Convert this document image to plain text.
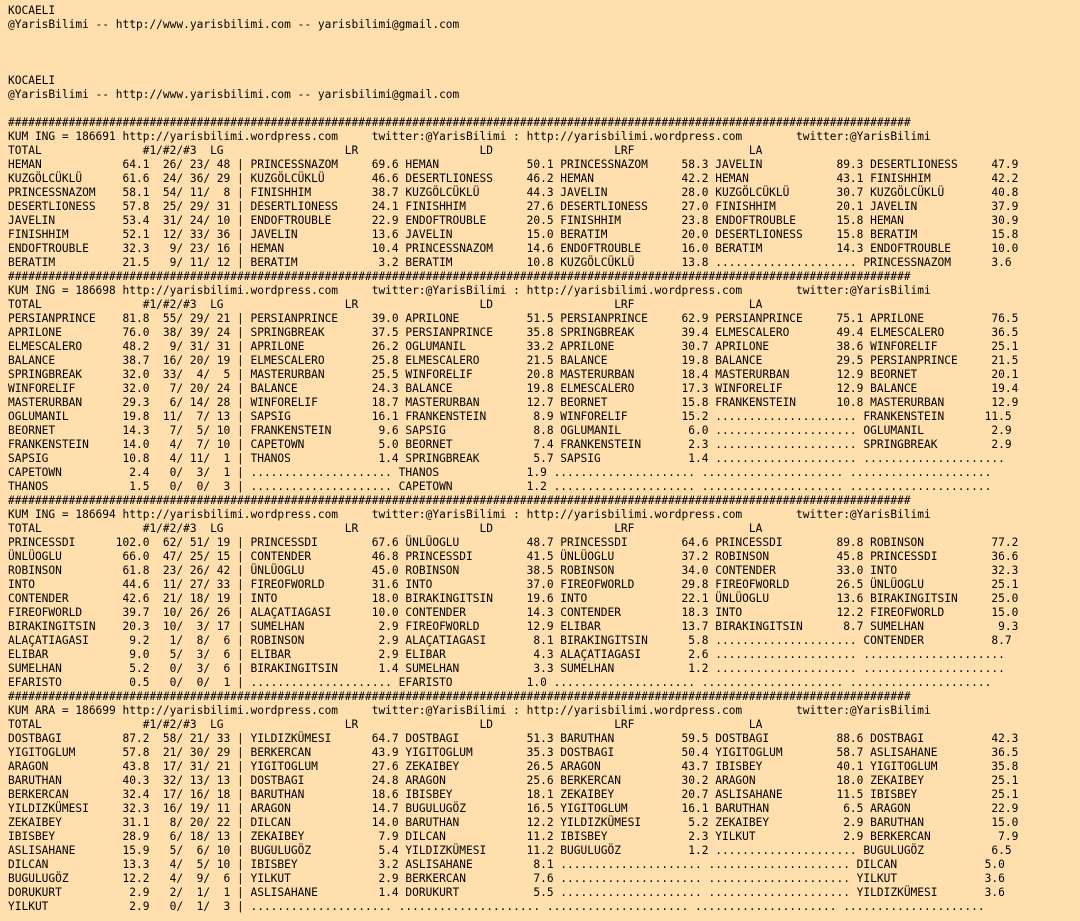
KOCAELI
@YarisBilimi -- http://www.yarisbilimi.com -- yarisbilimi@gmail.com

KOCAELI
@YarisBilimi -- http://www.yarisbilimi.com -- yarisbilimi@gmail.com

######################################################################################################################################
KUM ING = 186691 http://yarisbilimi.wordpress.com     twitter:@YarisBilimi : http://yarisbilimi.wordpress.com        twitter:@YarisBilimi
TOTAL               #1/#2/#3  LG                  LR                  LD                  LRF                 LA
HEMAN            64.1  26/ 23/ 48 | PRINCESSNAZOM     69.6 HEMAN             50.1 PRINCESSNAZOM     58.3 JAVELIN           89.3 DESERTLIONESS     47.9
KUZGÖLCÜKLÜ      61.6  24/ 36/ 29 | KUZGÖLCÜKLÜ       46.6 DESERTLIONESS     46.2 HEMAN             42.2 HEMAN             43.1 FINISHHIM         42.2
PRINCESSNAZOM    58.1  54/ 11/  8 | FINISHHIM         38.7 KUZGÖLCÜKLÜ       44.3 JAVELIN           28.0 KUZGÖLCÜKLÜ       30.7 KUZGÖLCÜKLÜ       40.8
DESERTLIONESS    57.8  25/ 29/ 31 | DESERTLIONESS     24.1 FINISHHIM         27.6 DESERTLIONESS     27.0 FINISHHIM         20.1 JAVELIN           37.9
JAVELIN          53.4  31/ 24/ 10 | ENDOFTROUBLE      22.9 ENDOFTROUBLE      20.5 FINISHHIM         23.8 ENDOFTROUBLE      15.8 HEMAN             30.9
FINISHHIM        52.1  12/ 33/ 36 | JAVELIN           13.6 JAVELIN           15.0 BERATIM           20.0 DESERTLIONESS     15.8 BERATIM           15.8
ENDOFTROUBLE     32.3   9/ 23/ 16 | HEMAN             10.4 PRINCESSNAZOM     14.6 ENDOFTROUBLE      16.0 BERATIM           14.3 ENDOFTROUBLE      10.0
BERATIM          21.5   9/ 11/ 12 | BERATIM            3.2 BERATIM           10.8 KUZGÖLCÜKLÜ       13.8 ..................... PRINCESSNAZOM      3.6
######################################################################################################################################
KUM ING = 186698 http://yarisbilimi.wordpress.com     twitter:@YarisBilimi : http://yarisbilimi.wordpress.com        twitter:@YarisBilimi
TOTAL               #1/#2/#3  LG                  LR                  LD                  LRF                 LA
PERSIANPRINCE    81.8  55/ 29/ 21 | PERSIANPRINCE     39.0 APRILONE          51.5 PERSIANPRINCE     62.9 PERSIANPRINCE     75.1 APRILONE          76.5
APRILONE         76.0  38/ 39/ 24 | SPRINGBREAK       37.5 PERSIANPRINCE     35.8 SPRINGBREAK       39.4 ELMESCALERO       49.4 ELMESCALERO       36.5
ELMESCALERO      48.2   9/ 31/ 31 | APRILONE          26.2 OGLUMANIL         33.2 APRILONE          30.7 APRILONE          38.6 WINFORELIF        25.1
BALANCE          38.7  16/ 20/ 19 | ELMESCALERO       25.8 ELMESCALERO       21.5 BALANCE           19.8 BALANCE           29.5 PERSIANPRINCE     21.5
SPRINGBREAK      32.0  33/  4/  5 | MASTERURBAN       25.5 WINFORELIF        20.8 MASTERURBAN       18.4 MASTERURBAN       12.9 BEORNET           20.1
WINFORELIF       32.0   7/ 20/ 24 | BALANCE           24.3 BALANCE           19.8 ELMESCALERO       17.3 WINFORELIF        12.9 BALANCE           19.4
MASTERURBAN      29.3   6/ 14/ 28 | WINFORELIF        18.7 MASTERURBAN       12.7 BEORNET           15.8 FRANKENSTEIN      10.8 MASTERURBAN       12.9
OGLUMANIL        19.8  11/  7/ 13 | SAPSIG            16.1 FRANKENSTEIN       8.9 WINFORELIF        15.2 ..................... FRANKENSTEIN      11.5
BEORNET          14.3   7/  5/ 10 | FRANKENSTEIN       9.6 SAPSIG             8.8 OGLUMANIL          6.0 ..................... OGLUMANIL          2.9
FRANKENSTEIN     14.0   4/  7/ 10 | CAPETOWN           5.0 BEORNET            7.4 FRANKENSTEIN       2.3 ..................... SPRINGBREAK        2.9
SAPSIG           10.8   4/ 11/  1 | THANOS             1.4 SPRINGBREAK        5.7 SAPSIG             1.4 ..................... .....................
CAPETOWN          2.4   0/  3/  1 | ..................... THANOS             1.9 ..................... ..................... .....................
THANOS            1.5   0/  0/  3 | ..................... CAPETOWN           1.2 ..................... ..................... .....................
######################################################################################################################################
KUM ING = 186694 http://yarisbilimi.wordpress.com     twitter:@YarisBilimi : http://yarisbilimi.wordpress.com        twitter:@YarisBilimi
TOTAL               #1/#2/#3  LG                  LR                  LD                  LRF                 LA
PRINCESSDI      102.0  62/ 51/ 19 | PRINCESSDI        67.6 ÜNLÜOGLU          48.7 PRINCESSDI        64.6 PRINCESSDI        89.8 ROBINSON          77.2
ÜNLÜOGLU         66.0  47/ 25/ 15 | CONTENDER         46.8 PRINCESSDI        41.5 ÜNLÜOGLU          37.2 ROBINSON          45.8 PRINCESSDI        36.6
ROBINSON         61.8  23/ 26/ 42 | ÜNLÜOGLU          45.0 ROBINSON          38.5 ROBINSON          34.0 CONTENDER         33.0 INTO              32.3
INTO             44.6  11/ 27/ 33 | FIREOFWORLD       31.6 INTO              37.0 FIREOFWORLD       29.8 FIREOFWORLD       26.5 ÜNLÜOGLU          25.1
CONTENDER        42.6  21/ 18/ 19 | INTO              18.0 BIRAKINGITSIN     19.6 INTO              22.1 ÜNLÜOGLU          13.6 BIRAKINGITSIN     25.0
FIREOFWORLD      39.7  10/ 26/ 26 | ALAÇATIAGASI      10.0 CONTENDER         14.3 CONTENDER         18.3 INTO              12.2 FIREOFWORLD       15.0
BIRAKINGITSIN    20.3  10/  3/ 17 | SUMELHAN           2.9 FIREOFWORLD       12.9 ELIBAR            13.7 BIRAKINGITSIN      8.7 SUMELHAN           9.3
ALAÇATIAGASI      9.2   1/  8/  6 | ROBINSON           2.9 ALAÇATIAGASI       8.1 BIRAKINGITSIN      5.8 ..................... CONTENDER          8.7
ELIBAR            9.0   5/  3/  6 | ELIBAR             2.9 ELIBAR             4.3 ALAÇATIAGASI       2.6 ..................... .....................
SUMELHAN          5.2   0/  3/  6 | BIRAKINGITSIN      1.4 SUMELHAN           3.3 SUMELHAN           1.2 ..................... .....................
EFARISTO          0.5   0/  0/  1 | ..................... EFARISTO           1.0 ..................... ..................... .....................
######################################################################################################################################
KUM ARA = 186699 http://yarisbilimi.wordpress.com     twitter:@YarisBilimi : http://yarisbilimi.wordpress.com        twitter:@YarisBilimi
TOTAL               #1/#2/#3  LG                  LR                  LD                  LRF                 LA
DOSTBAGI         87.2  58/ 21/ 33 | YILDIZKÜMESI      64.7 DOSTBAGI          51.3 BARUTHAN          59.5 DOSTBAGI          88.6 DOSTBAGI          42.3
YIGITOGLUM       57.8  21/ 30/ 29 | BERKERCAN         43.9 YIGITOGLUM        35.3 DOSTBAGI          50.4 YIGITOGLUM        58.7 ASLISAHANE        36.5
ARAGON           43.8  17/ 31/ 21 | YIGITOGLUM        27.6 ZEKAIBEY          26.5 ARAGON            43.7 IBISBEY           40.1 YIGITOGLUM        35.8
BARUTHAN         40.3  32/ 13/ 13 | DOSTBAGI          24.8 ARAGON            25.6 BERKERCAN         30.2 ARAGON            18.0 ZEKAIBEY          25.1
BERKERCAN        32.4  17/ 16/ 18 | BARUTHAN          18.6 IBISBEY           18.1 ZEKAIBEY          20.7 ASLISAHANE        11.5 IBISBEY           25.1
YILDIZKÜMESI     32.3  16/ 19/ 11 | ARAGON            14.7 BUGULUGÖZ         16.5 YIGITOGLUM        16.1 BARUTHAN           6.5 ARAGON            22.9
ZEKAIBEY         31.1   8/ 20/ 22 | DILCAN            14.0 BARUTHAN          12.2 YILDIZKÜMESI       5.2 ZEKAIBEY           2.9 BARUTHAN          15.0
IBISBEY          28.9   6/ 18/ 13 | ZEKAIBEY           7.9 DILCAN            11.2 IBISBEY            2.3 YILKUT             2.9 BERKERCAN          7.9
ASLISAHANE       15.9   5/  6/ 10 | BUGULUGÖZ          5.4 YILDIZKÜMESI      11.2 BUGULUGÖZ          1.2 ..................... BUGULUGÖZ          6.5
DILCAN           13.3   4/  5/ 10 | IBISBEY            3.2 ASLISAHANE         8.1 ..................... ..................... DILCAN             5.0
BUGULUGÖZ        12.2   4/  9/  6 | YILKUT             2.9 BERKERCAN          7.6 ..................... ..................... YILKUT             3.6
DORUKURT          2.9   2/  1/  1 | ASLISAHANE         1.4 DORUKURT           5.5 ..................... ..................... YILDIZKÜMESI       3.6
YILKUT            2.9   0/  1/  3 | ..................... ..................... ..................... ..................... .....................
